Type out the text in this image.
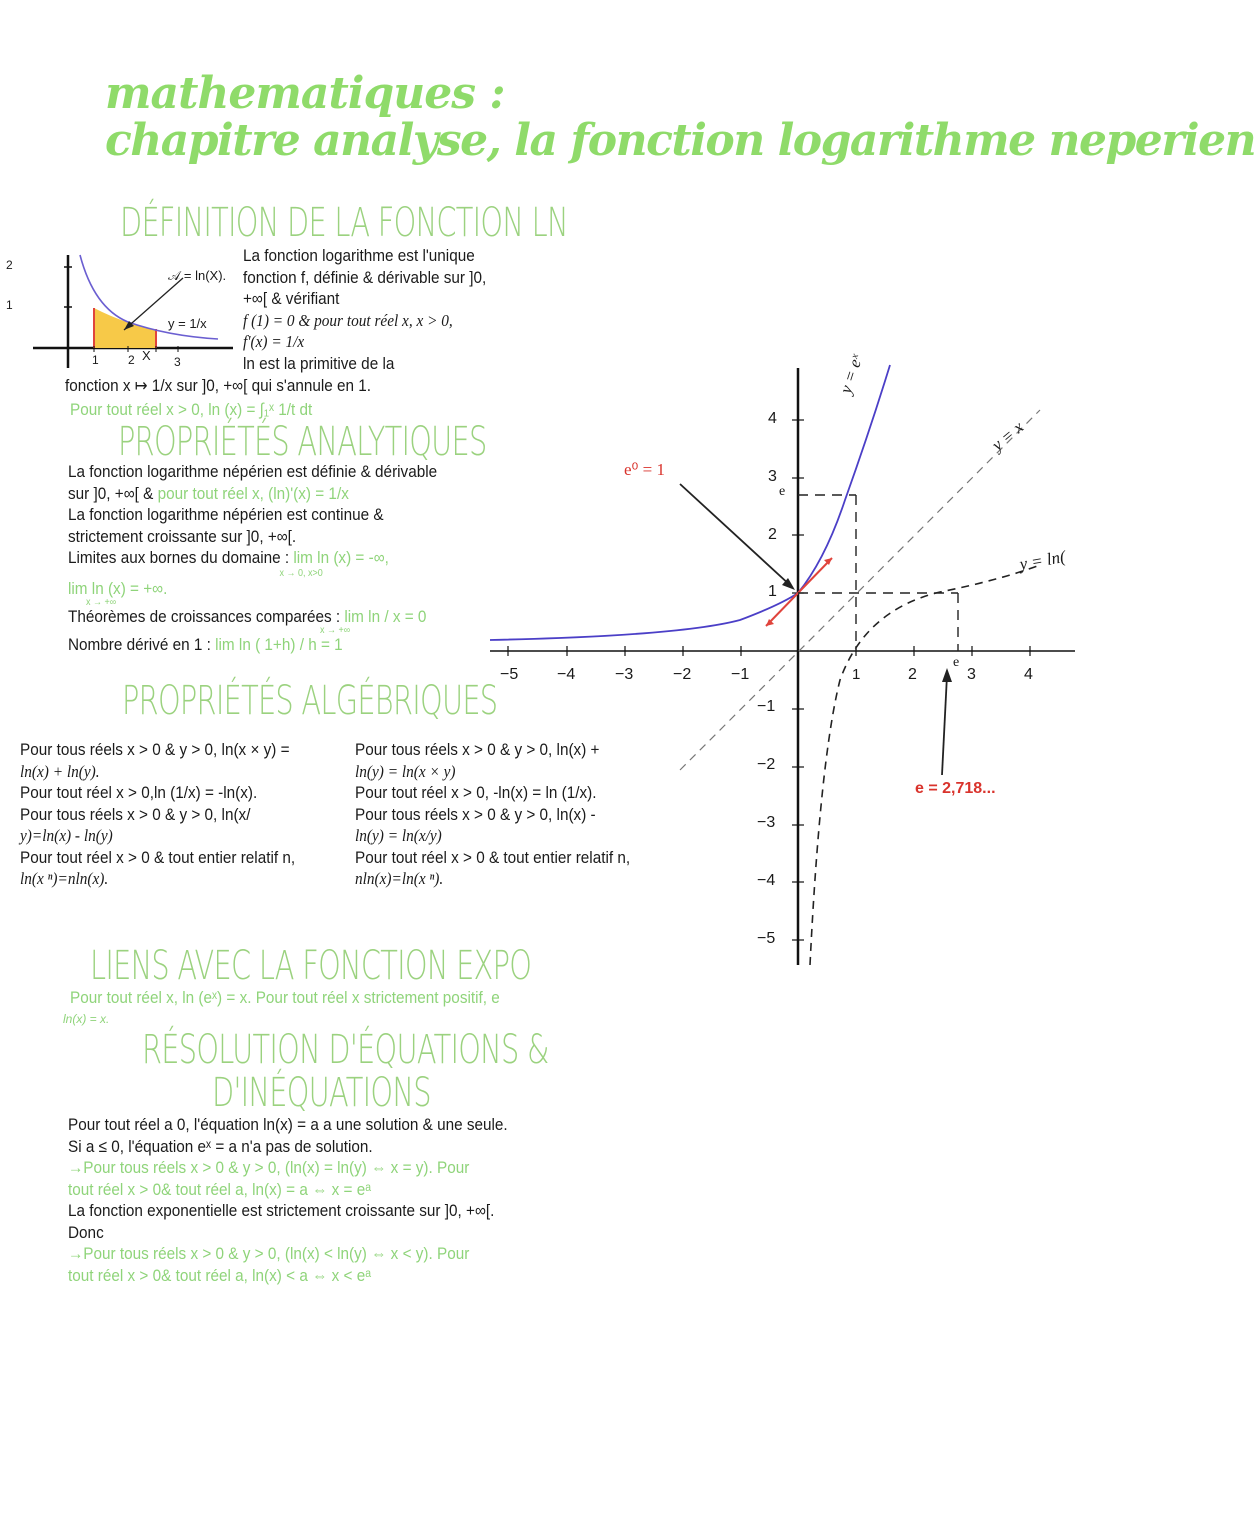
mathematiques :
chapitre analyse, la fonction logarithme neperien
DÉFINITION DE LA FONCTION LN
2
1
1 2 X 3
𝒜 = ln(X).
y = 1/x

La fonction logarithme est l'unique

fonction f, définie & dérivable sur ]0,

+∞[ & vérifiant

f (1) = 0 & pour tout réel x, x > 0,

f'(x) = 1/x

ln est la primitive de la

fonction x ↦ 1/x sur ]0, +∞[ qui s'annule en 1.
Pour tout réel x > 0, ln (x) = ∫₁ˣ 1/t dt
PROPRIÉTÉS ANALYTIQUES

La fonction logarithme népérien est définie & dérivable

sur ]0, +∞[ & pour tout réel x, (ln)'(x) = 1/x

La fonction logarithme népérien est continue &

strictement croissante sur ]0, +∞[.

Limites aux bornes du domaine : lim ln (x) = -∞,

x → 0, x>0

lim ln (x) = +∞.

x → +∞

Théorèmes de croissances comparées : lim ln / x = 0

x → +∞

Nombre dérivé en 1 : lim ln ( 1+h) / h = 1

PROPRIÉTÉS ALGÉBRIQUES

Pour tous réels x > 0 & y > 0, ln(x × y) =

ln(x) + ln(y).

Pour tout réel x > 0,ln (1/x) = -ln(x).

Pour tous réels x > 0 & y > 0, ln(x/

y)=ln(x) - ln(y)

Pour tout réel x > 0 & tout entier relatif n,

ln(x ⁿ)=nln(x).

Pour tous réels x > 0 & y > 0, ln(x) +

ln(y) = ln(x × y)

Pour tout réel x > 0, -ln(x) = ln (1/x).

Pour tous réels x > 0 & y > 0, ln(x) -

ln(y) = ln(x/y)

Pour tout réel x > 0 & tout entier relatif n,

nln(x)=ln(x ⁿ).

−5 −4 −3 −2 −1	1	2	3	4
4
3
2
1
−1
−2
−3
−4
−5
e
e
e⁰ = 1
y = eˣ
y = x
y = ln(
e = 2,718...
LIENS AVEC LA FONCTION EXPO
Pour tout réel x, ln (eˣ) = x. Pour tout réel x strictement positif, e
ln(x) = x.
RÉSOLUTION D'ÉQUATIONS &
D'INÉQUATIONS

Pour tout réel a 0, l'équation ln(x) = a a une solution & une seule.

Si a ≤ 0, l'équation eˣ = a n'a pas de solution.

→Pour tous réels x > 0 & y > 0, (ln(x) = ln(y) ⇔ x = y). Pour

tout réel x > 0& tout réel a, ln(x) = a ⇔ x = eᵃ

La fonction exponentielle est strictement croissante sur ]0, +∞[.

Donc

→Pour tous réels x > 0 & y > 0, (ln(x) < ln(y) ⇔ x < y). Pour

tout réel x > 0& tout réel a, ln(x) < a ⇔ x < eᵃ
